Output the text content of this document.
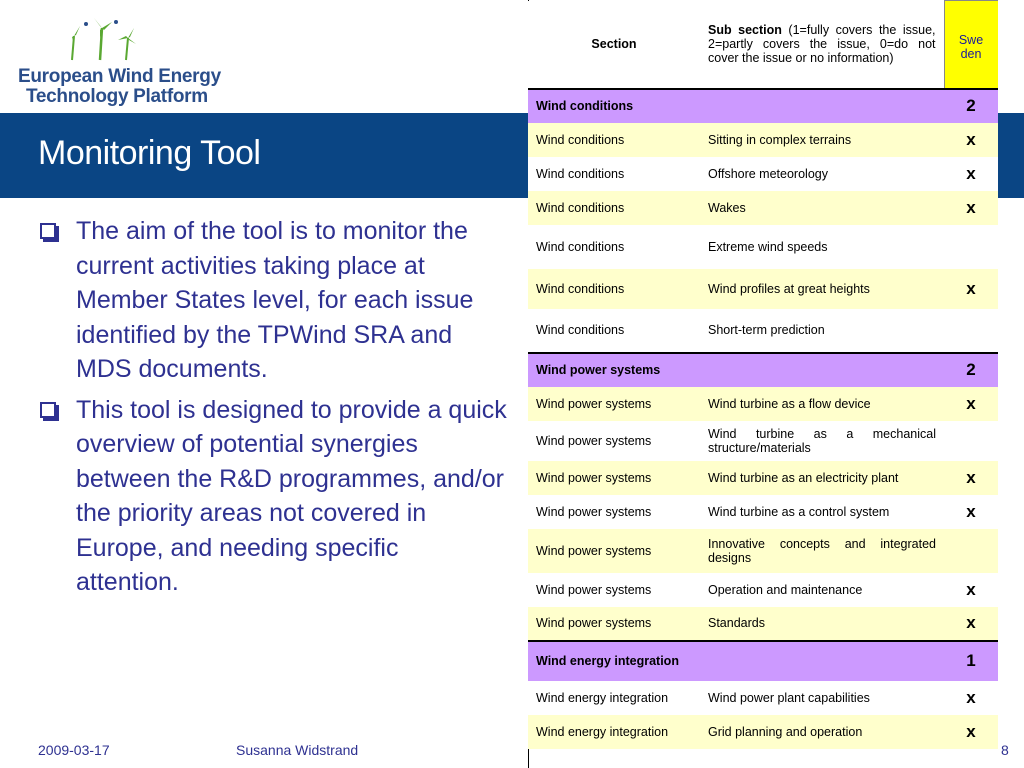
European Wind Energy
Technology Platform
Monitoring Tool
The aim of the tool is to monitor the current activities taking place at Member States level, for each issue identified by the TPWind SRA and MDS documents.
This tool is designed to provide a quick overview of potential synergies between the R&D programmes, and/or the priority areas not covered in Europe, and needing specific attention.
Section	Sub section (1=fully covers the issue, 2=partly covers the issue, 0=do not cover the issue or no information)	Swe den
Wind conditions		2
Wind conditions	Sitting in complex terrains	x
Wind conditions	Offshore meteorology	x
Wind conditions	Wakes	x
Wind conditions	Extreme wind speeds	
Wind conditions	Wind profiles at great heights	x
Wind conditions	Short-term prediction	
Wind power systems		2
Wind power systems	Wind turbine as a flow device	x
Wind power systems	Wind turbine as a mechanical structure/materials	
Wind power systems	Wind turbine as an electricity plant	x
Wind power systems	Wind turbine as a control system	x
Wind power systems	Innovative concepts and integrated designs	
Wind power systems	Operation and maintenance	x
Wind power systems	Standards	x
Wind energy integration		1
Wind energy integration	Wind power plant capabilities	x
Wind energy integration	Grid planning and operation	x
2009-03-17	Susanna Widstrand	8
